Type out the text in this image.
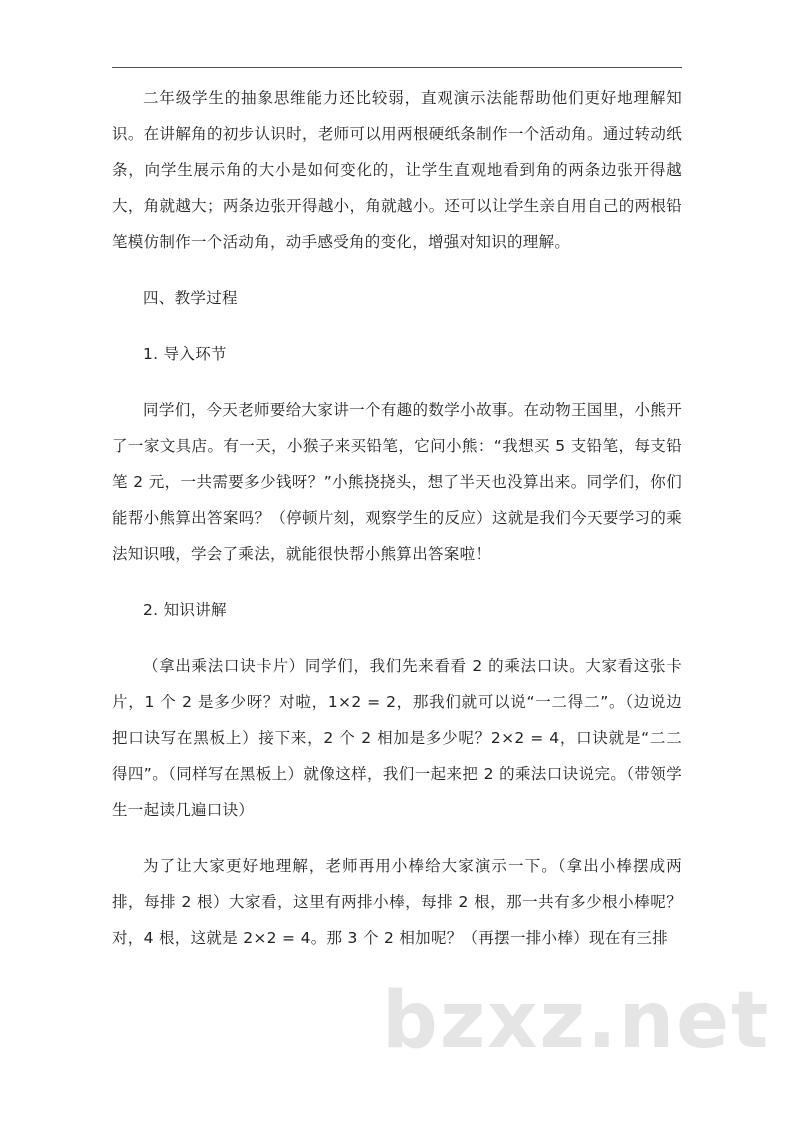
二年级学生的抽象思维能力还比较弱，直观演示法能帮助他们更好地理解知识。在讲解角的初步认识时，老师可以用两根硬纸条制作一个活动角。通过转动纸条，向学生展示角的大小是如何变化的，让学生直观地看到角的两条边张开得越大，角就越大；两条边张开得越小，角就越小。还可以让学生亲自用自己的两根铅笔模仿制作一个活动角，动手感受角的变化，增强对知识的理解。

四、教学过程

1. 导入环节

同学们，今天老师要给大家讲一个有趣的数学小故事。在动物王国里，小熊开了一家文具店。有一天，小猴子来买铅笔，它问小熊：“我想买 5 支铅笔，每支铅笔 2 元，一共需要多少钱呀？”小熊挠挠头，想了半天也没算出来。同学们，你们能帮小熊算出答案吗？（停顿片刻，观察学生的反应）这就是我们今天要学习的乘法知识哦，学会了乘法，就能很快帮小熊算出答案啦！

2. 知识讲解

（拿出乘法口诀卡片）同学们，我们先来看看 2 的乘法口诀。大家看这张卡片，1 个 2 是多少呀？对啦，1×2 = 2，那我们就可以说“一二得二”。（边说边把口诀写在黑板上）接下来，2 个 2 相加是多少呢？2×2 = 4，口诀就是“二二得四”。（同样写在黑板上）就像这样，我们一起来把 2 的乘法口诀说完。（带领学生一起读几遍口诀）

为了让大家更好地理解，老师再用小棒给大家演示一下。（拿出小棒摆成两排，每排 2 根）大家看，这里有两排小棒，每排 2 根，那一共有多少根小棒呢？对，4 根，这就是 2×2 = 4。那 3 个 2 相加呢？（再摆一排小棒）现在有三排

bzxz.net
